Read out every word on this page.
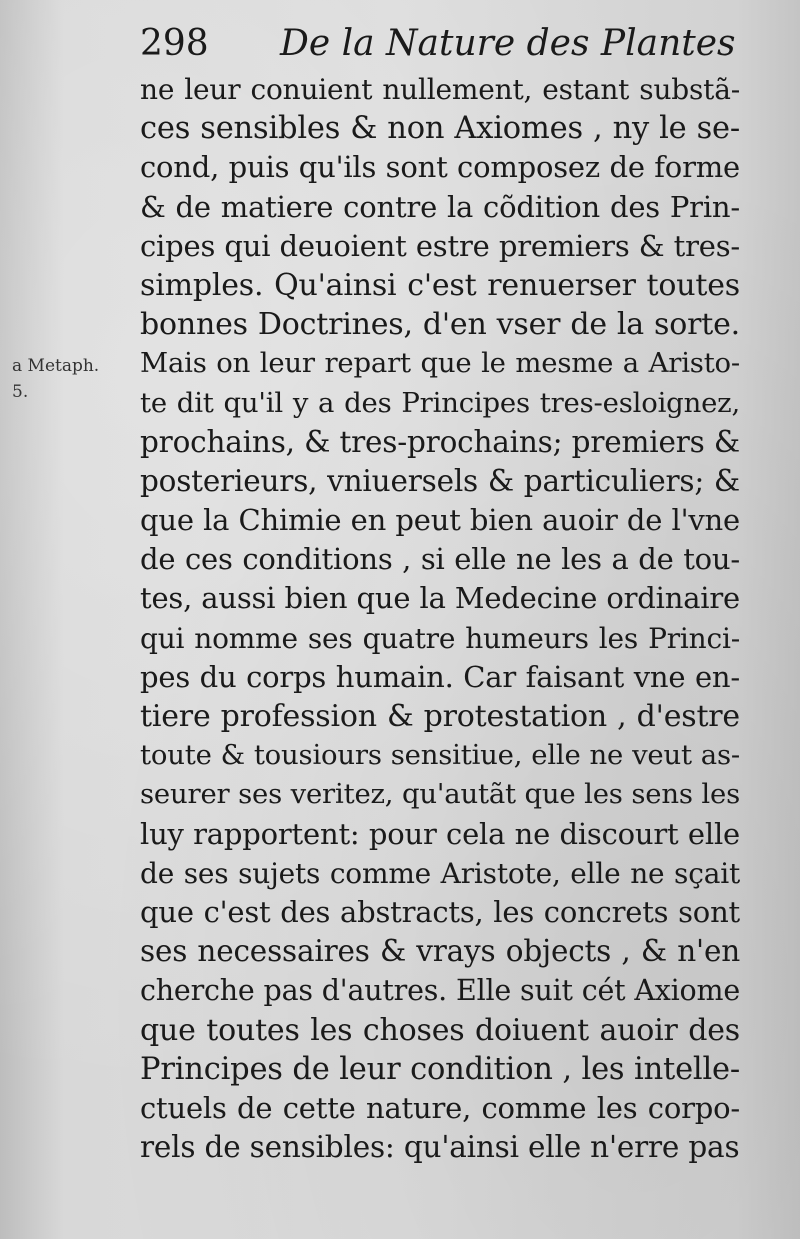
298 De la Nature des Plantes
a Metaph.
5.
ne leur conuient nullement, estant substã-
ces sensibles & non Axiomes , ny le se-
cond, puis qu'ils sont composez de forme
& de matiere contre la cõdition des Prin-
cipes qui deuoient estre premiers & tres-
simples. Qu'ainsi c'est renuerser toutes
bonnes Doctrines, d'en vser de la sorte.
Mais on leur repart que le mesme a Aristo-
te dit qu'il y a des Principes tres-esloignez,
prochains, & tres-prochains; premiers &
posterieurs, vniuersels & particuliers; &
que la Chimie en peut bien auoir de l'vne
de ces conditions , si elle ne les a de tou-
tes, aussi bien que la Medecine ordinaire
qui nomme ses quatre humeurs les Princi-
pes du corps humain. Car faisant vne en-
tiere profession & protestation , d'estre
toute & tousiours sensitiue, elle ne veut as-
seurer ses veritez, qu'autãt que les sens les
luy rapportent: pour cela ne discourt elle
de ses sujets comme Aristote, elle ne sçait
que c'est des abstracts, les concrets sont
ses necessaires & vrays objects , & n'en
cherche pas d'autres. Elle suit cét Axiome
que toutes les choses doiuent auoir des
Principes de leur condition , les intelle-
ctuels de cette nature, comme les corpo-
rels de sensibles: qu'ainsi elle n'erre pas
